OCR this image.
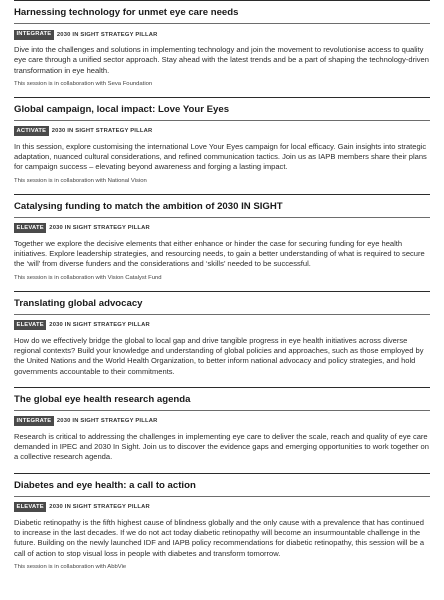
Harnessing technology for unmet eye care needs
INTEGRATE 2030 IN SIGHT STRATEGY PILLAR

Dive into the challenges and solutions in implementing technology and join the movement to revolutionise access to quality eye care through a unified sector approach. Stay ahead with the latest trends and be a part of shaping the technology-driven transformation in eye health.

This session is in collaboration with Seva Foundation
Global campaign, local impact: Love Your Eyes
ACTIVATE 2030 IN SIGHT STRATEGY PILLAR

In this session, explore customising the international Love Your Eyes campaign for local efficacy. Gain insights into strategic adaptation, nuanced cultural considerations, and refined communication tactics. Join us as IAPB members share their plans for campaign success – elevating beyond awareness and forging a lasting impact.

This session is in collaboration with National Vision
Catalysing funding to match the ambition of 2030 IN SIGHT
ELEVATE 2030 IN SIGHT STRATEGY PILLAR

Together we explore the decisive elements that either enhance or hinder the case for securing funding for eye health initiatives. Explore leadership strategies, and resourcing needs, to gain a better understanding of what is required to secure the ‘will’ from diverse funders and the considerations and ‘skills’ needed to be successful.

This session is in collaboration with Vision Catalyst Fund
Translating global advocacy
ELEVATE 2030 IN SIGHT STRATEGY PILLAR

How do we effectively bridge the global to local gap and drive tangible progress in eye health initiatives across diverse regional contexts? Build your knowledge and understanding of global policies and approaches, such as those employed by the United Nations and the World Health Organization, to better inform national advocacy and policy strategies, and hold governments accountable to their commitments.

The global eye health research agenda
INTEGRATE 2030 IN SIGHT STRATEGY PILLAR

Research is critical to addressing the challenges in implementing eye care to deliver the scale, reach and quality of eye care demanded in IPEC and 2030 In Sight. Join us to discover the evidence gaps and emerging opportunities to work together on a collective research agenda.

Diabetes and eye health: a call to action
ELEVATE 2030 IN SIGHT STRATEGY PILLAR

Diabetic retinopathy is the fifth highest cause of blindness globally and the only cause with a prevalence that has continued to increase in the last decades. If we do not act today diabetic retinopathy will become an insurmountable challenge in the future. Building on the newly launched IDF and IAPB policy recommendations for diabetic retinopathy, this session will be a call of action to stop visual loss in people with diabetes and transform tomorrow.

This session is in collaboration with AbbVie
